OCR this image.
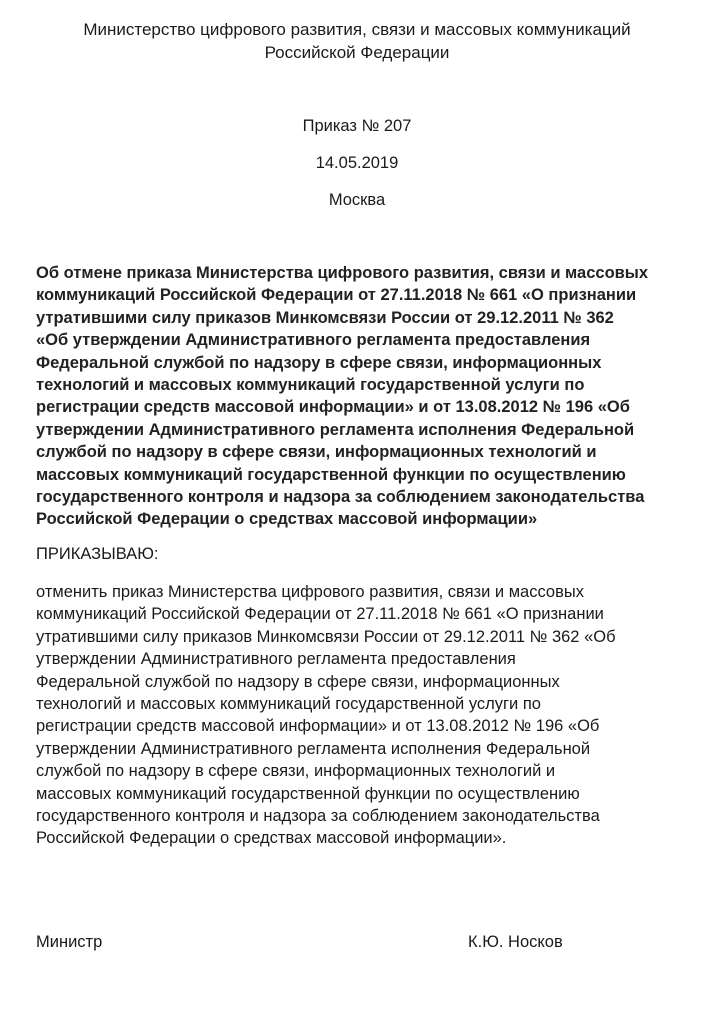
Министерство цифрового развития, связи и массовых коммуникаций
Российской Федерации
Приказ № 207
14.05.2019
Москва
Об отмене приказа Министерства цифрового развития, связи и массовых
коммуникаций Российской Федерации от 27.11.2018 № 661 «О признании
утратившими силу приказов Минкомсвязи России от 29.12.2011 № 362
«Об утверждении Административного регламента предоставления
Федеральной службой по надзору в сфере связи, информационных
технологий и массовых коммуникаций государственной услуги по
регистрации средств массовой информации» и от 13.08.2012 № 196 «Об
утверждении Административного регламента исполнения Федеральной
службой по надзору в сфере связи, информационных технологий и
массовых коммуникаций государственной функции по осуществлению
государственного контроля и надзора за соблюдением законодательства
Российской Федерации о средствах массовой информации»
ПРИКАЗЫВАЮ:
отменить приказ Министерства цифрового развития, связи и массовых
коммуникаций Российской Федерации от 27.11.2018 № 661 «О признании
утратившими силу приказов Минкомсвязи России от 29.12.2011 № 362 «Об
утверждении Административного регламента предоставления
Федеральной службой по надзору в сфере связи, информационных
технологий и массовых коммуникаций государственной услуги по
регистрации средств массовой информации» и от 13.08.2012 № 196 «Об
утверждении Административного регламента исполнения Федеральной
службой по надзору в сфере связи, информационных технологий и
массовых коммуникаций государственной функции по осуществлению
государственного контроля и надзора за соблюдением законодательства
Российской Федерации о средствах массовой информации».
Министр	К.Ю. Носков
